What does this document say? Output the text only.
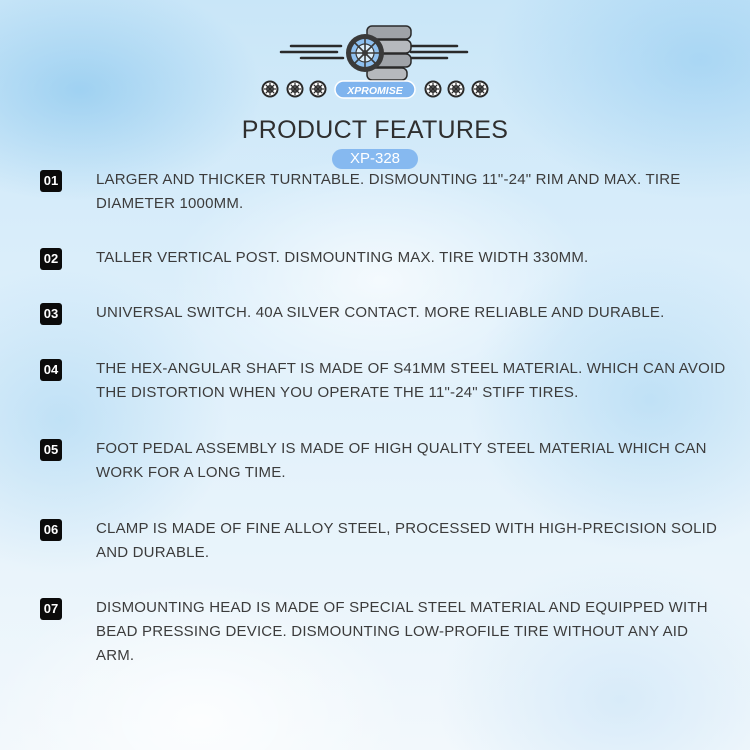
XPROMISE
PRODUCT FEATURES
XP-328
01	LARGER AND THICKER TURNTABLE. DISMOUNTING 11"-24" RIM AND MAX. TIRE DIAMETER 1000MM.
02	TALLER VERTICAL POST. DISMOUNTING MAX. TIRE WIDTH 330MM.
03	UNIVERSAL SWITCH. 40A SILVER CONTACT. MORE RELIABLE AND DURABLE.
04	THE HEX-ANGULAR SHAFT IS MADE OF S41MM STEEL MATERIAL. WHICH CAN AVOID THE DISTORTION WHEN YOU OPERATE THE 11"-24" STIFF TIRES.
05	FOOT PEDAL ASSEMBLY IS MADE OF HIGH QUALITY STEEL MATERIAL WHICH CAN WORK FOR A LONG TIME.
06	CLAMP IS MADE OF FINE ALLOY STEEL, PROCESSED WITH HIGH-PRECISION SOLID AND DURABLE.
07	DISMOUNTING HEAD IS MADE OF SPECIAL STEEL MATERIAL AND EQUIPPED WITH BEAD PRESSING DEVICE. DISMOUNTING LOW-PROFILE TIRE WITHOUT ANY AID ARM.
